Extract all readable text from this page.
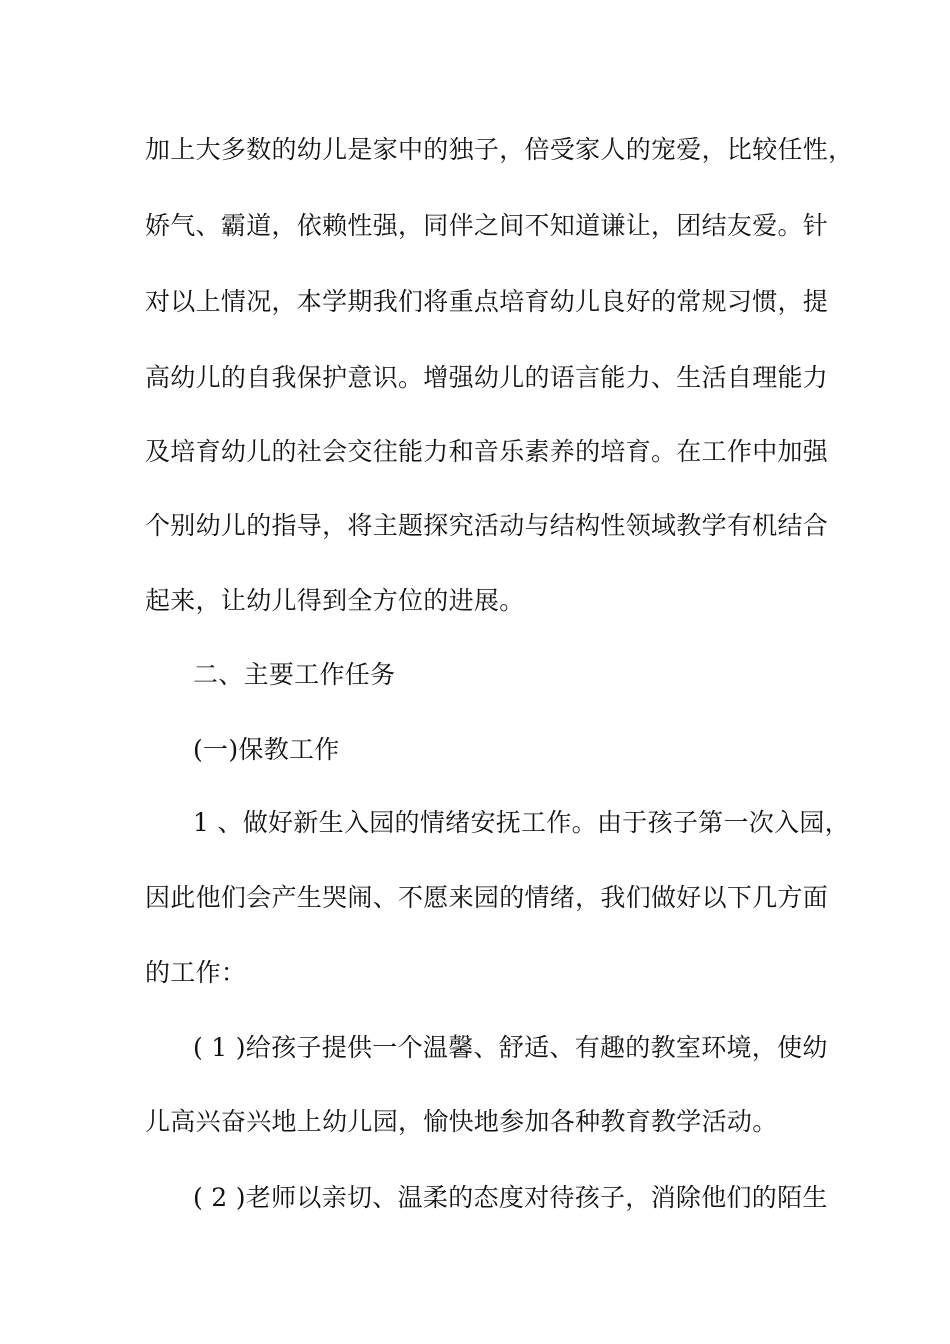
加上大多数的幼儿是家中的独子，倍受家人的宠爱，比较任性，
娇气、霸道，依赖性强，同伴之间不知道谦让，团结友爱。针
对以上情况，本学期我们将重点培育幼儿良好的常规习惯，提
高幼儿的自我保护意识。增强幼儿的语言能力、生活自理能力
及培育幼儿的社会交往能力和音乐素养的培育。在工作中加强
个别幼儿的指导，将主题探究活动与结构性领域教学有机结合
起来，让幼儿得到全方位的进展。
二、主要工作任务
(一)保教工作
1 、做好新生入园的情绪安抚工作。由于孩子第一次入园，
因此他们会产生哭闹、不愿来园的情绪，我们做好以下几方面
的工作：
( 1 )给孩子提供一个温馨、舒适、有趣的教室环境，使幼
儿高兴奋兴地上幼儿园，愉快地参加各种教育教学活动。
( 2 )老师以亲切、温柔的态度对待孩子，消除他们的陌生
